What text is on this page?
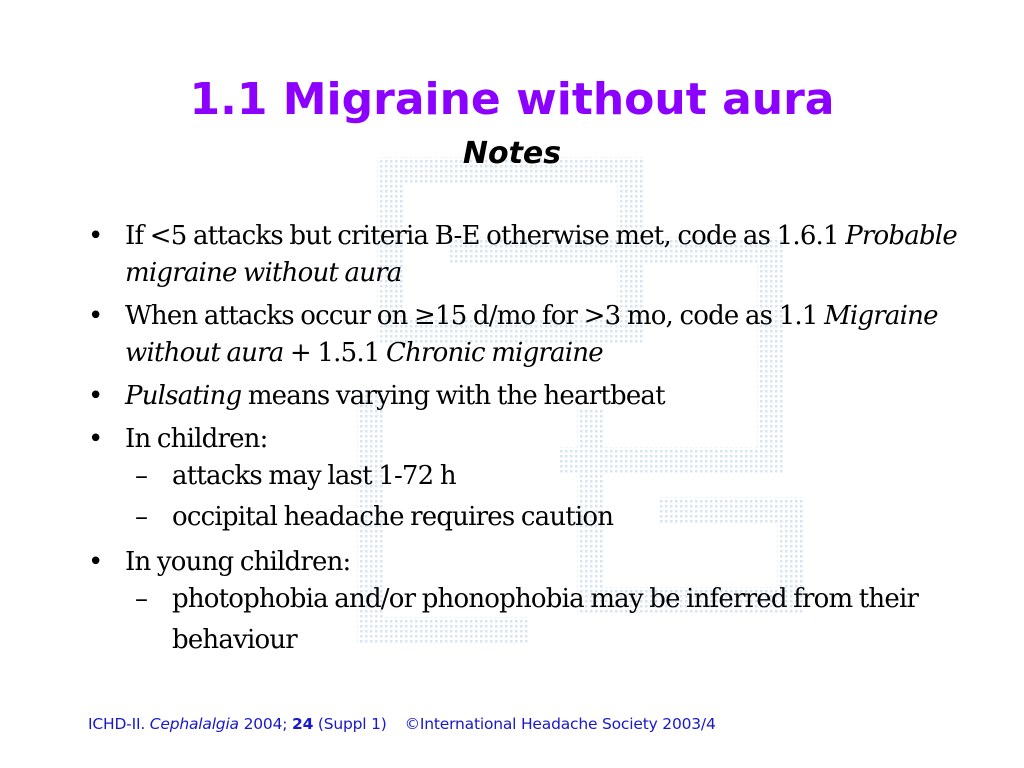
1.1 Migraine without aura
Notes
• If <5 attacks but criteria B-E otherwise met, code as 1.6.1 Probable migraine without aura
• When attacks occur on ≥15 d/mo for >3 mo, code as 1.1 Migraine without aura + 1.5.1 Chronic migraine
• Pulsating means varying with the heartbeat
• In children:
– attacks may last 1-72 h
– occipital headache requires caution
• In young children:
– photophobia and/or phonophobia may be inferred from their behaviour
ICHD-II. Cephalalgia 2004; 24 (Suppl 1) ©International Headache Society 2003/4
